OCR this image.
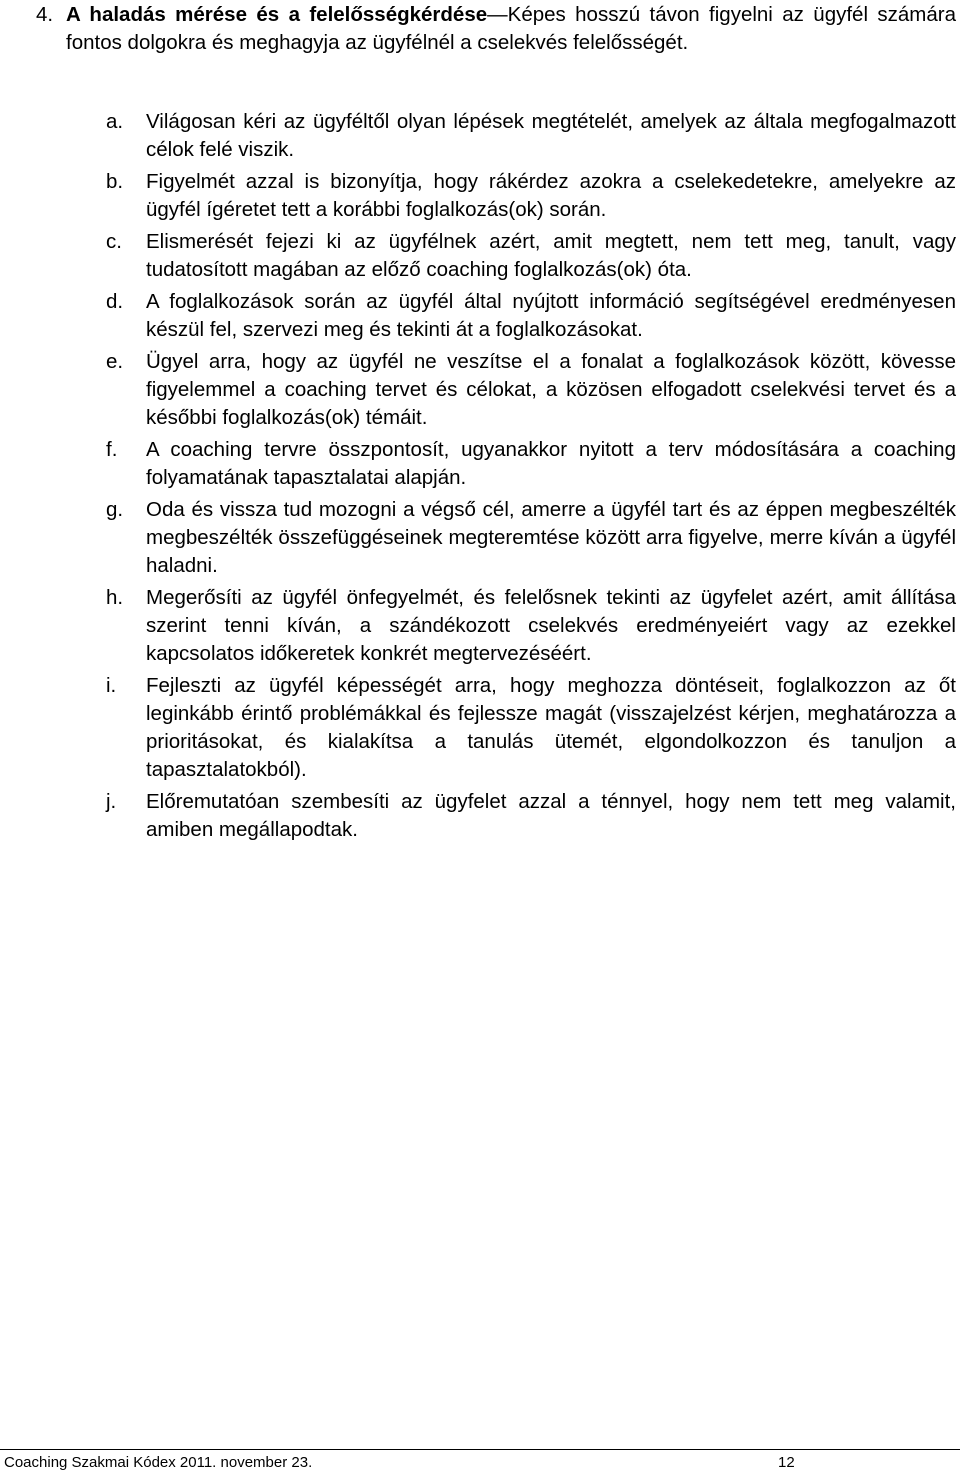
4. A haladás mérése és a felelősségkérdése—Képes hosszú távon figyelni az ügyfél számára fontos dolgokra és meghagyja az ügyfélnél a cselekvés felelősségét.
a.	Világosan kéri az ügyféltől olyan lépések megtételét, amelyek az általa megfogalmazott célok felé viszik.
b.	Figyelmét azzal is bizonyítja, hogy rákérdez azokra a cselekedetekre, amelyekre az ügyfél ígéretet tett a korábbi foglalkozás(ok) során.
c.	Elismerését fejezi ki az ügyfélnek azért, amit megtett, nem tett meg, tanult, vagy tudatosított magában az előző coaching foglalkozás(ok) óta.
d.	A foglalkozások során az ügyfél által nyújtott információ segítségével eredményesen készül fel, szervezi meg és tekinti át a foglalkozásokat.
e.	Ügyel arra, hogy az ügyfél ne veszítse el a fonalat a foglalkozások között, kövesse figyelemmel a coaching tervet és célokat, a közösen elfogadott cselekvési tervet és a későbbi foglalkozás(ok) témáit.
f.	A coaching tervre összpontosít, ugyanakkor nyitott a terv módosítására a coaching folyamatának tapasztalatai alapján.
g.	Oda és vissza tud mozogni a végső cél, amerre a ügyfél tart és az éppen megbeszélték megbeszélték összefüggéseinek megteremtése között arra figyelve, merre kíván a ügyfél haladni.
h.	Megerősíti az ügyfél önfegyelmét, és felelősnek tekinti az ügyfelet azért, amit állítása szerint tenni kíván, a szándékozott cselekvés eredményeiért vagy az ezekkel kapcsolatos időkeretek konkrét megtervezéséért.
i.	Fejleszti az ügyfél képességét arra, hogy meghozza döntéseit, foglalkozzon az őt leginkább érintő problémákkal és fejlessze magát (visszajelzést kérjen, meghatározza a prioritásokat, és kialakítsa a tanulás ütemét, elgondolkozzon és tanuljon a tapasztalatokból).
j.	Előremutatóan szembesíti az ügyfelet azzal a ténnyel, hogy nem tett meg valamit, amiben megállapodtak.
Coaching Szakmai Kódex 2011. november 23.	12
